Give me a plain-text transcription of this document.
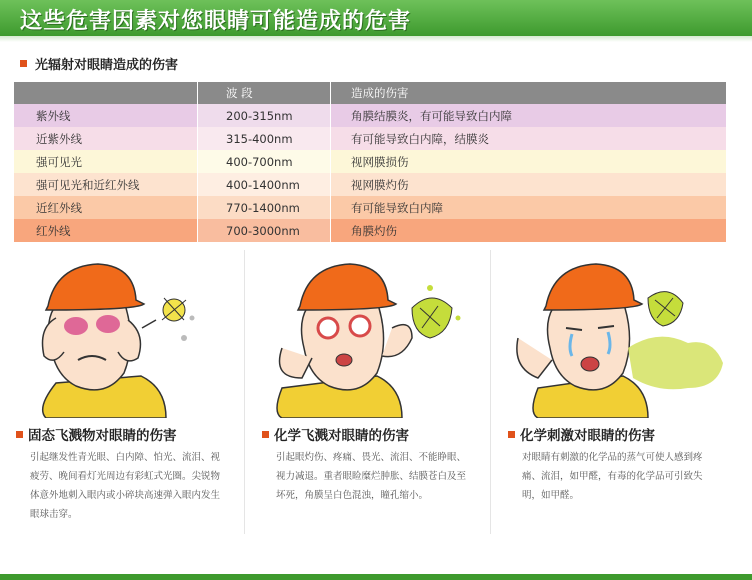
这些危害因素对您眼睛可能造成的危害
光辐射对眼睛造成的伤害
	波 段	造成的伤害
紫外线	200-315nm	角膜结膜炎，有可能导致白内障
近紫外线	315-400nm	有可能导致白内障，结膜炎
强可见光	400-700nm	视网膜损伤
强可见光和近红外线	400-1400nm	视网膜灼伤
近红外线	770-1400nm	有可能导致白内障
红外线	700-3000nm	角膜灼伤
固态飞溅物对眼睛的伤害
引起继发性青光眼、白内障、怕光、流泪、视疲劳、晚间看灯光周边有彩虹式光圈。尖锐物体意外地刺入眼内或小碎块高速弹入眼内发生眼球击穿。
化学飞溅对眼睛的伤害
引起眼灼伤、疼痛、畏光、流泪、不能睁眼、视力减退。重者眼睑糜烂肿胀、结膜苍白及至坏死，角膜呈白色混浊，瞳孔缩小。
化学刺激对眼睛的伤害
对眼睛有刺激的化学品的蒸气可使人感到疼痛、流泪，如甲醛，有毒的化学品可引致失明，如甲醛。
